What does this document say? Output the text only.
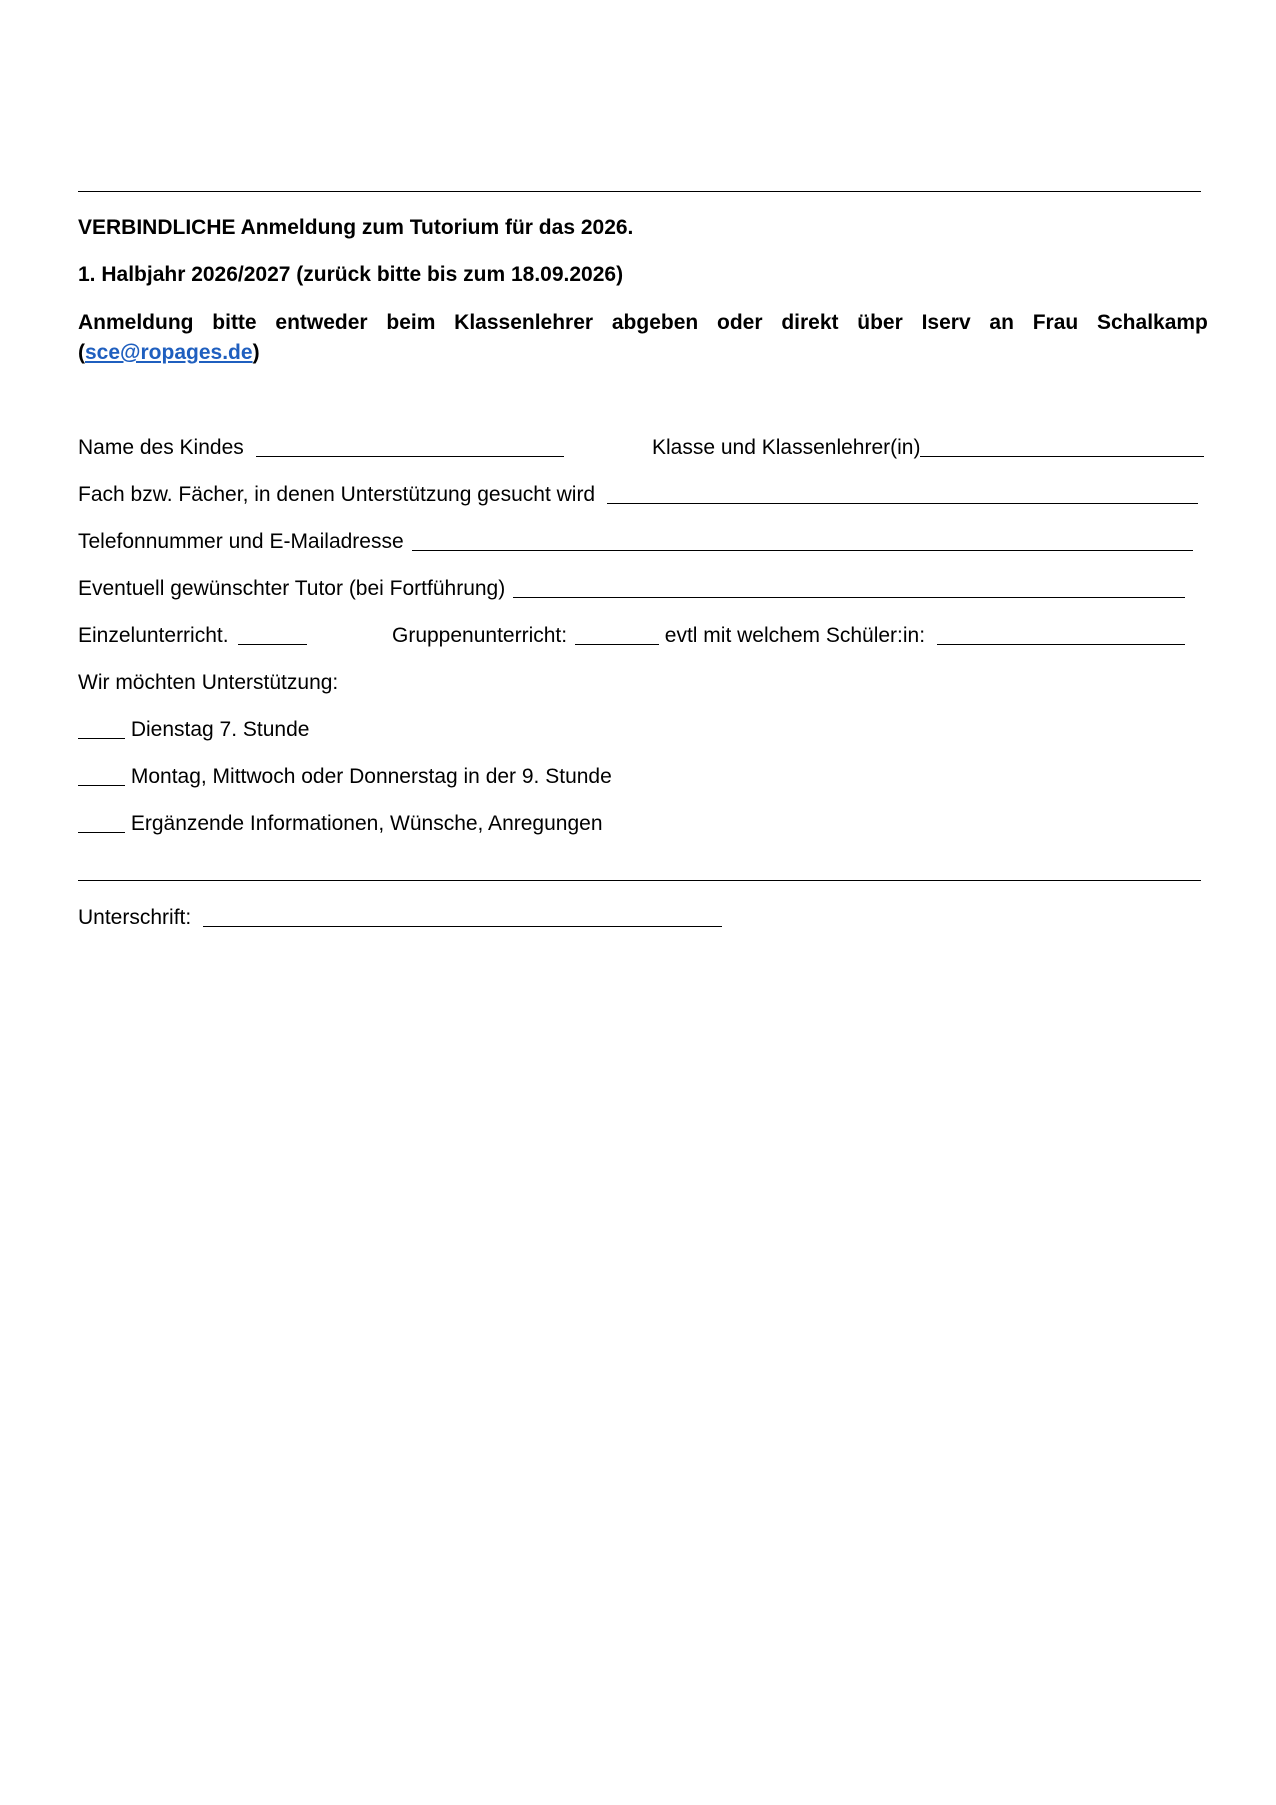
VERBINDLICHE Anmeldung zum Tutorium für das 2026.
1. Halbjahr 2026/2027 (zurück bitte bis zum 18.09.2026)
Anmeldung bitte entweder beim Klassenlehrer abgeben oder direkt über Iserv an Frau Schalkamp
(sce@ropages.de)
Name des Kindes	Klasse und Klassenlehrer(in)
Fach bzw. Fächer, in denen Unterstützung gesucht wird
Telefonnummer und E-Mailadresse
Eventuell gewünschter Tutor (bei Fortführung)
Einzelunterricht.	Gruppenunterricht:	evtl mit welchem Schüler:in:
Wir möchten Unterstützung:
Dienstag 7. Stunde
Montag, Mittwoch oder Donnerstag in der 9. Stunde
Ergänzende Informationen, Wünsche, Anregungen
Unterschrift:
